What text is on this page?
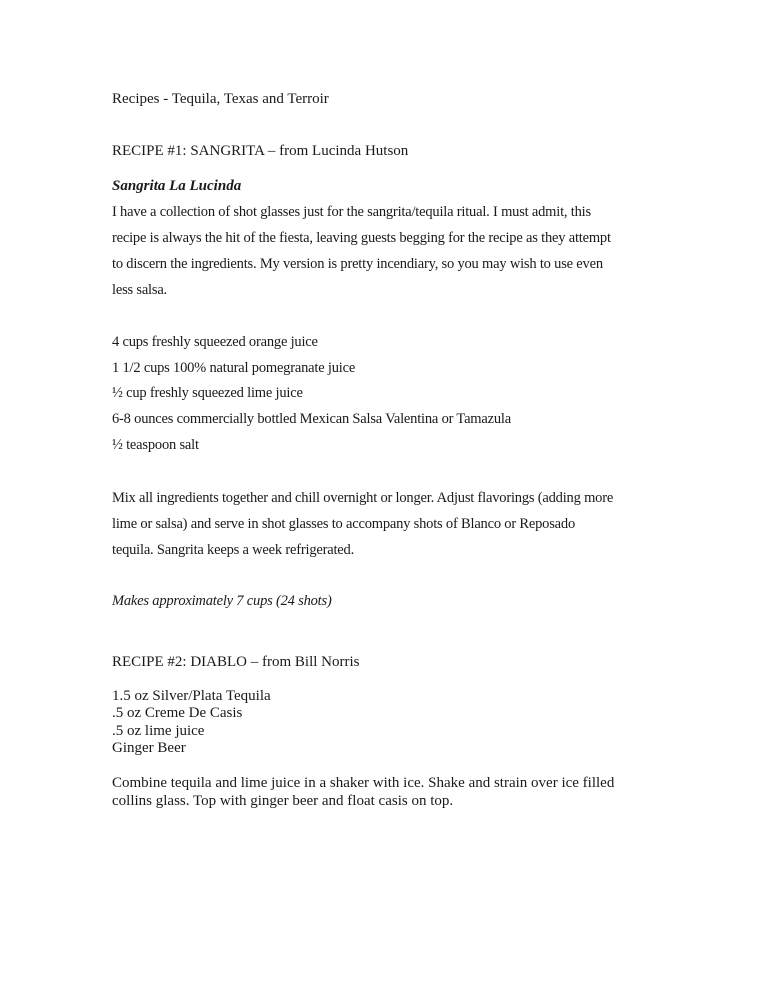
Recipes - Tequila, Texas and Terroir
RECIPE #1: SANGRITA – from Lucinda Hutson
Sangrita La Lucinda
I have a collection of shot glasses just for the sangrita/tequila ritual. I must admit, this
recipe is always the hit of the fiesta, leaving guests begging for the recipe as they attempt
to discern the ingredients. My version is pretty incendiary, so you may wish to use even
less salsa.
4 cups freshly squeezed orange juice
1 1/2 cups 100% natural pomegranate juice
½ cup freshly squeezed lime juice
6-8 ounces commercially bottled Mexican Salsa Valentina or Tamazula
½ teaspoon salt
Mix all ingredients together and chill overnight or longer. Adjust flavorings (adding more
lime or salsa) and serve in shot glasses to accompany shots of Blanco or Reposado
tequila. Sangrita keeps a week refrigerated.
Makes approximately 7 cups (24 shots)
RECIPE #2: DIABLO – from Bill Norris
1.5 oz Silver/Plata Tequila
.5 oz Creme De Casis
.5 oz lime juice
Ginger Beer
Combine tequila and lime juice in a shaker with ice. Shake and strain over ice filled
collins glass. Top with ginger beer and float casis on top.
